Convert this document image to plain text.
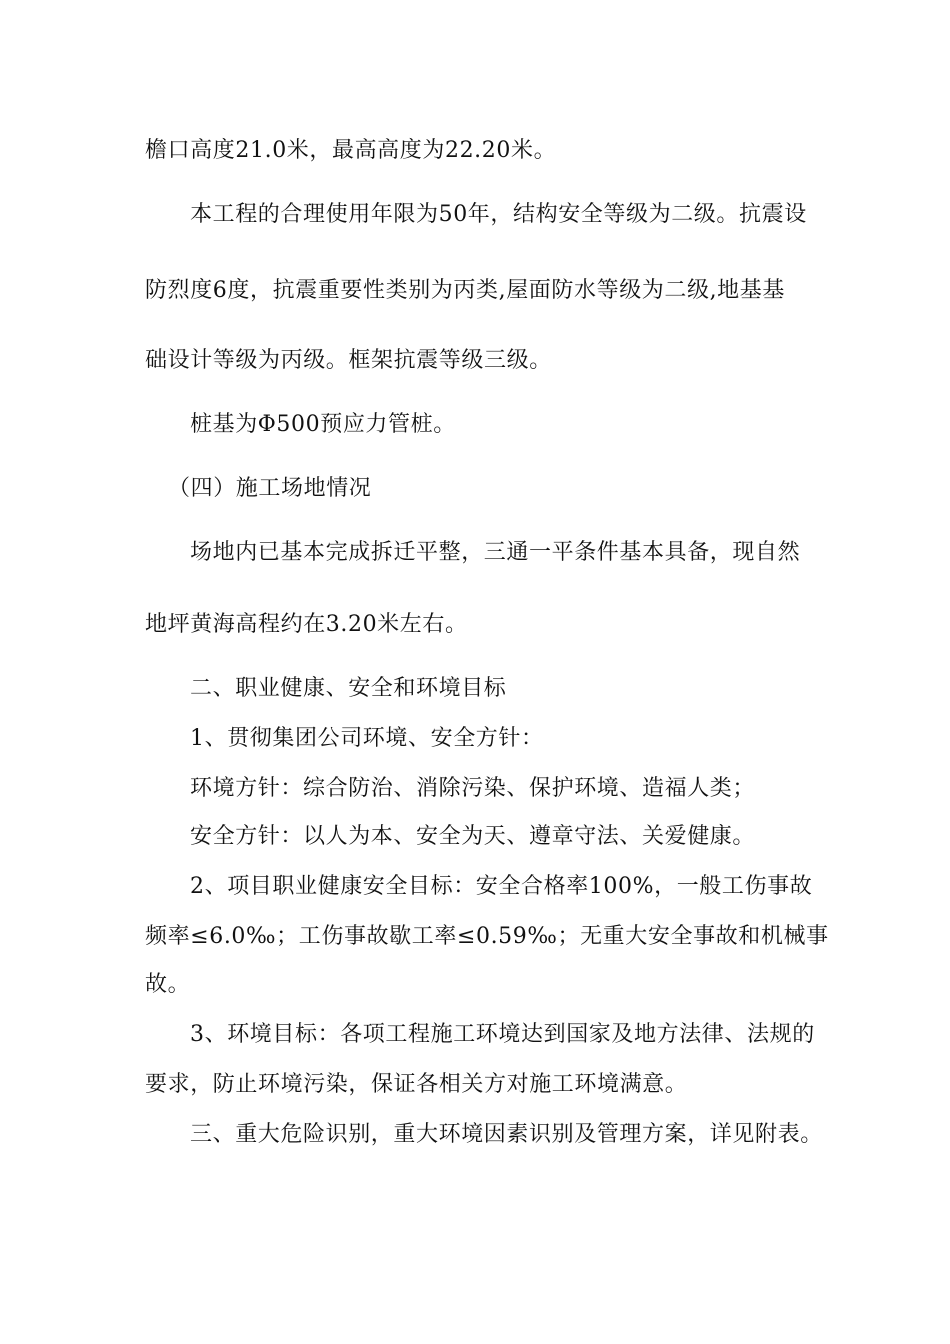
檐口高度21.0米，最高高度为22.20米。
本工程的合理使用年限为50年，结构安全等级为二级。抗震设
防烈度6度，抗震重要性类别为丙类,屋面防水等级为二级,地基基
础设计等级为丙级。框架抗震等级三级。
桩基为Φ500预应力管桩。
（四）施工场地情况
场地内已基本完成拆迁平整，三通一平条件基本具备，现自然
地坪黄海高程约在3.20米左右。
二、职业健康、安全和环境目标
1、贯彻集团公司环境、安全方针：
环境方针：综合防治、消除污染、保护环境、造福人类；
安全方针：以人为本、安全为天、遵章守法、关爱健康。
2、项目职业健康安全目标：安全合格率100%，一般工伤事故
频率≤6.0‰；工伤事故歇工率≤0.59‰；无重大安全事故和机械事
故。
3、环境目标：各项工程施工环境达到国家及地方法律、法规的
要求，防止环境污染，保证各相关方对施工环境满意。
三、重大危险识别，重大环境因素识别及管理方案，详见附表。
